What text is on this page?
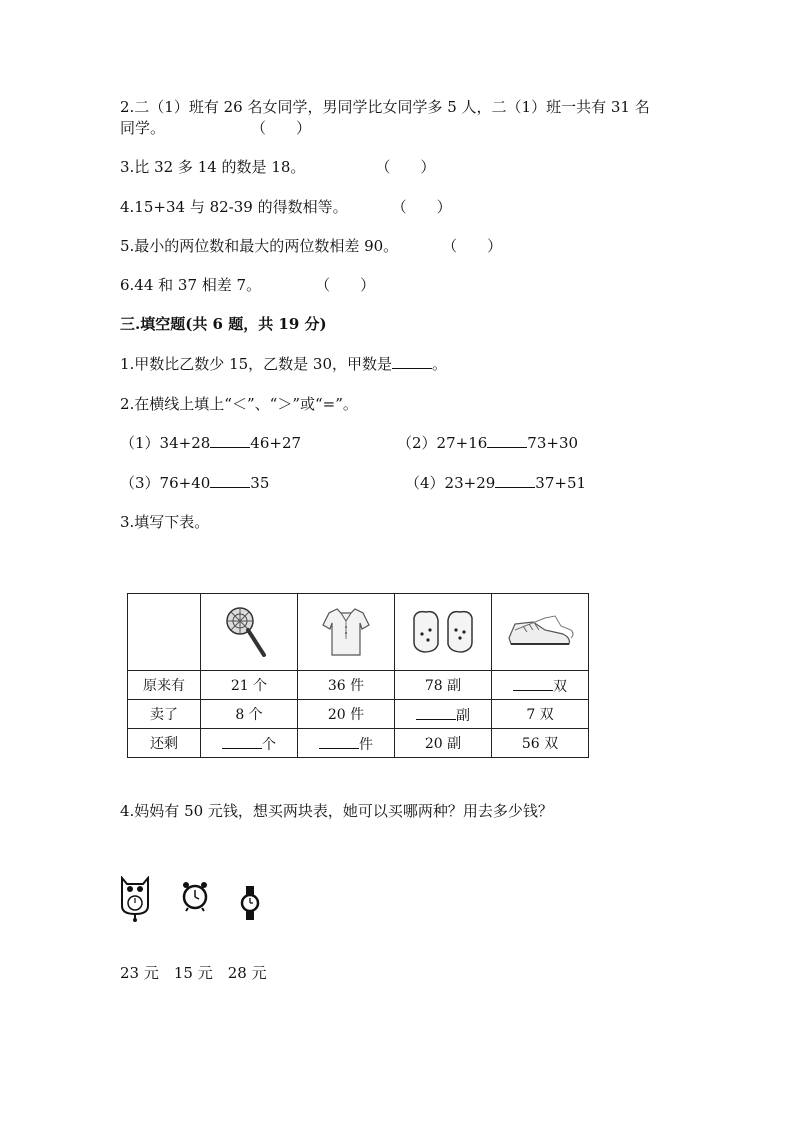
2.二（1）班有 26 名女同学，男同学比女同学多 5 人，二（1）班一共有 31 名
同学。	（　　）
3.比 32 多 14 的数是 18。	（　　）
4.15+34 与 82-39 的得数相等。	（　　）
5.最小的两位数和最大的两位数相差 90。	（　　）
6.44 和 37 相差 7。	（　　）
三.填空题(共 6 题，共 19 分)
1.甲数比乙数少 15，乙数是 30，甲数是	。
2.在横线上填上“＜”、“＞”或“=”。
（1）34+28	46+27	（2）27+16	73+30
（3）76+40	35	（4）23+29	37+51
3.填写下表。

原来有	21 个	36 件	78 副	双
卖了	8 个	20 件	副	7 双
还剩	个	件	20 副	56 双
4.妈妈有 50 元钱，想买两块表，她可以买哪两种？用去多少钱？
23 元　15 元　28 元
